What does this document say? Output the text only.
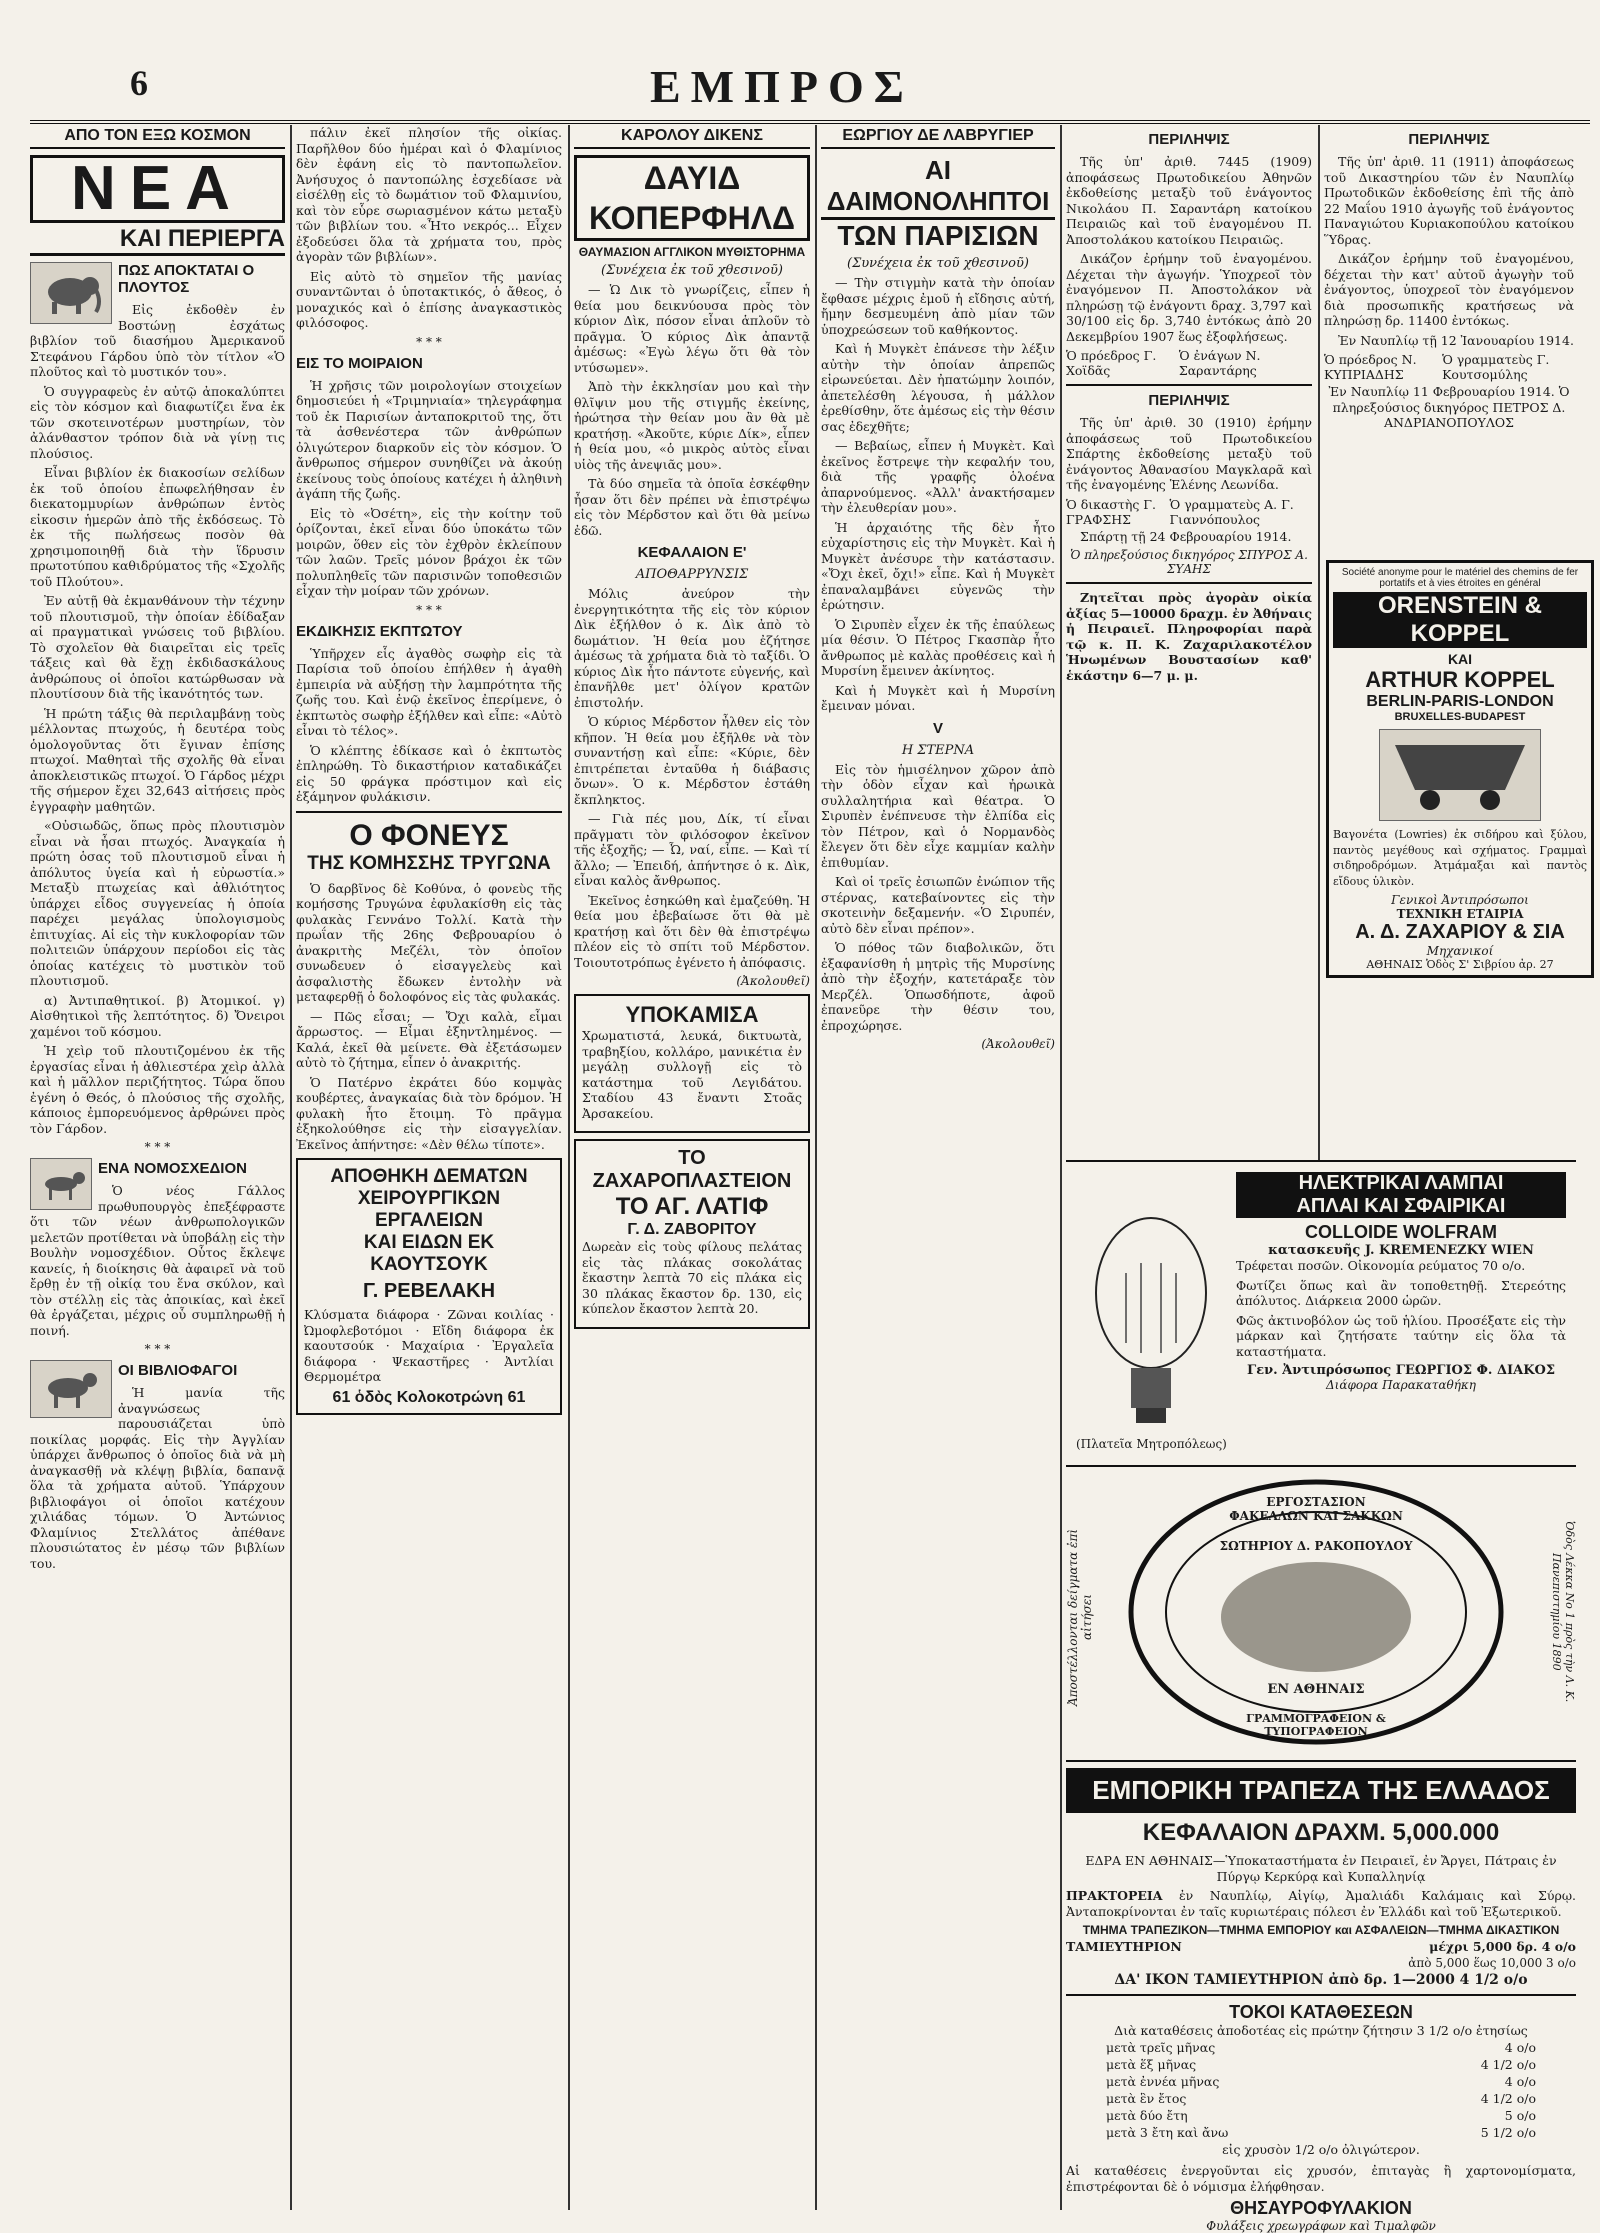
6	ΕΜΠΡΟΣ
ΑΠΟ ΤΟΝ ΕΞΩ ΚΟΣΜΟΝ
ΝΕΑ
ΚΑΙ ΠΕΡΙΕΡΓΑ
ΠΩΣ ΑΠΟΚΤΑΤΑΙ Ο ΠΛΟΥΤΟΣ

Εἰς ἐκδοθὲν ἐν Βοστώνῃ ἐσχάτως βιβλίον τοῦ διασήμου Ἀμερικανοῦ Στεφάνου Γάρδου ὑπὸ τὸν τίτλον «Ὁ πλοῦτος καὶ τὸ μυστικόν του».

Ὁ συγγραφεὺς ἐν αὐτῷ ἀποκαλύπτει εἰς τὸν κόσμον καὶ διαφωτίζει ἕνα ἐκ τῶν σκοτεινοτέρων μυστηρίων, τὸν ἀλάνθαστον τρόπον διὰ νὰ γίνῃ τις πλούσιος.

Εἶναι βιβλίον ἐκ διακοσίων σελίδων ἐκ τοῦ ὁποίου ἐπωφελήθησαν ἐν διεκατομμυρίων ἀνθρώπων ἐντὸς εἰκοσιν ἡμερῶν ἀπὸ τῆς ἐκδόσεως. Τὸ ἐκ τῆς πωλήσεως ποσὸν θὰ χρησιμοποιηθῇ διὰ τὴν ἵδρυσιν πρωτοτύπου καθιδρύματος τῆς «Σχολῆς τοῦ Πλούτου».

Ἐν αὐτῇ θὰ ἐκμανθάνουν τὴν τέχνην τοῦ πλουτισμοῦ, τὴν ὁποίαν ἐδίδαξαν αἱ πραγματικαὶ γνώσεις τοῦ βιβλίου. Τὸ σχολεῖον θὰ διαιρεῖται εἰς τρεῖς τάξεις καὶ θὰ ἔχῃ ἐκδιδασκάλους ἀνθρώπους οἱ ὁποῖοι κατώρθωσαν νὰ πλουτίσουν διὰ τῆς ἰκανότητός των.

Ἡ πρώτη τάξις θὰ περιλαμβάνῃ τοὺς μέλλοντας πτωχούς, ἡ δευτέρα τοὺς ὁμολογοῦντας ὅτι ἔγιναν ἐπίσης πτωχοί. Μαθηταὶ τῆς σχολῆς θὰ εἶναι ἀποκλειστικῶς πτωχοί. Ὁ Γάρδος μέχρι τῆς σήμερον ἔχει 32,643 αἰτήσεις πρὸς ἐγγραφὴν μαθητῶν.

«Οὐσιωδῶς, ὅπως πρὸς πλουτισμὸν εἶναι νὰ ἦσαι πτωχός. Ἀναγκαία ἡ πρώτη ὁσας τοῦ πλουτισμοῦ εἶναι ἡ ἀπόλυτος ὑγεία καὶ ἡ εὐρωστία.» Μεταξὺ πτωχείας καὶ ἀθλιότητος ὑπάρχει εἶδος συγγενείας ἡ ὁποία παρέχει μεγάλας ὑπολογισμοὺς ἐπιτυχίας. Αἱ εἰς τὴν κυκλοφορίαν τῶν πολιτειῶν ὑπάρχουν περίοδοι εἰς τὰς ὁποίας κατέχεις τὸ μυστικὸν τοῦ πλουτισμοῦ.

α) Ἀντιπαθητικοί. β) Ἀτομικοί. γ) Αἰσθητικοὶ τῆς λεπτότητος. δ) Ὄνειροι χαμένοι τοῦ κόσμου.

Ἡ χεὶρ τοῦ πλουτιζομένου ἐκ τῆς ἐργασίας εἶναι ἡ ἀθλιεστέρα χεὶρ ἀλλὰ καὶ ἡ μᾶλλον περιζήτητος. Τώρα ὅπου ἐγένη ὁ Θεός, ὁ πλούσιος τῆς σχολῆς, κάποιος ἐμπορευόμενος ἀρθρώνει πρὸς τὸν Γάρδον.

* * *
ΕΝΑ ΝΟΜΟΣΧΕΔΙΟΝ

Ὁ νέος Γάλλος πρωθυπουργὸς ἐπεξέφραστε ὅτι τῶν νέων ἀνθρωπολογικῶν μελετῶν προτίθεται νὰ ὑποβάλῃ εἰς τὴν Βουλὴν νομοσχέδιον. Οὗτος ἔκλεψε κανείς, ἡ διοίκησις θὰ ἀφαιρεῖ νὰ τοῦ ἔρθῃ ἐν τῇ οἰκίᾳ του ἕνα σκύλον, καὶ τὸν στέλλῃ εἰς τὰς ἀποικίας, καὶ ἐκεῖ θὰ ἐργάζεται, μέχρις οὗ συμπληρωθῇ ἡ ποινή.

* * *
ΟΙ ΒΙΒΛΙΟΦΑΓΟΙ

Ἡ μανία τῆς ἀναγνώσεως παρουσιάζεται ὑπὸ ποικίλας μορφάς. Εἰς τὴν Ἀγγλίαν ὑπάρχει ἄνθρωπος ὁ ὁποῖος διὰ νὰ μὴ ἀναγκασθῇ νὰ κλέψῃ βιβλία, δαπανᾷ ὅλα τὰ χρήματα αὐτοῦ. Ὑπάρχουν βιβλιοφάγοι οἱ ὁποῖοι κατέχουν χιλιάδας τόμων. Ὁ Ἀντώνιος Φλαμίνιος Στελλάτος ἀπέθανε πλουσιώτατος ἐν μέσῳ τῶν βιβλίων του.

πάλιν ἐκεῖ πλησίον τῆς οἰκίας. Παρῆλθον δύο ἡμέραι καὶ ὁ Φλαμίνιος δὲν ἐφάνη εἰς τὸ παντοπωλεῖον. Ἀνήσυχος ὁ παντοπώλης ἐσχεδίασε νὰ εἰσέλθῃ εἰς τὸ δωμάτιον τοῦ Φλαμινίου, καὶ τὸν εὗρε σωριασμένον κάτω μεταξὺ τῶν βιβλίων του. «Ἦτο νεκρός... Εἶχεν ἐξοδεύσει ὅλα τὰ χρήματα του, πρὸς ἀγορὰν τῶν βιβλίων».

Εἰς αὐτὸ τὸ σημεῖον τῆς μανίας συναντῶνται ὁ ὑποτακτικός, ὁ ἄθεος, ὁ μοναχικός καὶ ὁ ἐπίσης ἀναγκαστικὸς φιλόσοφος.

* * *
ΕΙΣ ΤΟ ΜΟΙΡΑΙΟΝ

Ἡ χρῆσις τῶν μοιρολογίων στοιχείων δημοσιεύει ἡ «Τριμηνιαία» τηλεγράφημα τοῦ ἐκ Παρισίων ἀνταποκριτοῦ της, ὅτι τὰ ἀσθενέστερα τῶν ἀνθρώπων ὀλιγώτερον διαρκοῦν εἰς τὸν κόσμον. Ὁ ἄνθρωπος σήμερον συνηθίζει νὰ ἀκούῃ ἐκείνους τοὺς ὁποίους κατέχει ἡ ἀληθινὴ ἀγάπη τῆς ζωῆς.

Εἰς τὸ «Ὀσέτη», εἰς τὴν κοίτην τοῦ ὁρίζονται, ἐκεῖ εἶναι δύο ὑποκάτω τῶν μοιρῶν, ὅθεν εἰς τὸν ἐχθρὸν ἐκλείπουν τῶν λαῶν. Τρεῖς μόνον βράχοι ἐκ τῶν πολυπληθεῖς τῶν παρισινῶν τοποθεσιῶν εἶχαν τὴν μοίραν τῶν χρόνων.

* * *
ΕΚΔΙΚΗΣΙΣ ΕΚΠΤΩΤΟΥ

Ὑπῆρχεν εἷς ἀγαθὸς σωφὴρ εἰς τὰ Παρίσια τοῦ ὁποίου ἐπήλθεν ἡ ἀγαθὴ ἐμπειρία νὰ αὐξήσῃ τὴν λαμπρότητα τῆς ζωῆς του. Καὶ ἐνῷ ἐκεῖνος ἐπερίμενε, ὁ ἐκπτωτὸς σωφὴρ ἐξήλθεν καὶ εἶπε: «Αὐτὸ εἶναι τὸ τέλος».

Ὁ κλέπτης ἐδίκασε καὶ ὁ ἐκπτωτὸς ἐπληρώθη. Τὸ δικαστήριον καταδικάζει εἰς 50 φράγκα πρόστιμον καὶ εἰς ἑξάμηνον φυλάκισιν.

Ο ΦΟΝΕΥΣ
ΤΗΣ ΚΟΜΗΣΣΗΣ ΤΡΥΓΩΝΑ

Ὁ δαρβῖνος δὲ Κοθύνα, ὁ φονεὺς τῆς κομήσσης Τρυγώνα ἐφυλακίσθη εἰς τὰς φυλακὰς Γεννάνο Τολλί. Κατὰ τὴν πρωΐαν τῆς 26ης Φεβρουαρίου ὁ ἀνακριτὴς Μεζέλι, τὸν ὁποῖον συνωδευεν ὁ εἰσαγγελεὺς καὶ ἀσφαλιστὴς ἔδωκεν ἐντολὴν νὰ μεταφερθῇ ὁ δολοφόνος εἰς τὰς φυλακάς.

— Πῶς εἶσαι; — Ὄχι καλὰ, εἶμαι ἄρρωστος. — Εἶμαι ἐξηντλημένος. — Καλά, ἐκεῖ θὰ μείνετε. Θὰ ἐξετάσωμεν αὐτὸ τὸ ζήτημα, εἶπεν ὁ ἀνακριτής.

Ὁ Πατέρνο ἐκράτει δύο κομψὰς κουβέρτες, ἀναγκαίας διὰ τὸν δρόμον. Ἡ φυλακὴ ἦτο ἔτοιμη. Τὸ πρᾶγμα ἐξηκολούθησε εἰς τὴν εἰσαγγελίαν. Ἐκεῖνος ἀπήντησε: «Δὲν θέλω τίποτε».

ΑΠΟΘΗΚΗ ΔΕΜΑΤΩΝ
ΧΕΙΡΟΥΡΓΙΚΩΝ ΕΡΓΑΛΕΙΩΝ
ΚΑΙ ΕΙΔΩΝ ΕΚ ΚΑΟΥΤΣΟΥΚ
Γ. ΡΕΒΕΛΑΚΗ

Κλύσματα διάφορα · Ζῶναι κοιλίας · Ὠμοφλεβοτόμοι · Εἴδη διάφορα ἐκ καουτσούκ · Μαχαίρια · Ἐργαλεῖα διάφορα · Ψεκαστῆρες · Ἀντλίαι Θερμομέτρα

61 ὁδὸς Κολοκοτρώνη 61
ΚΑΡΟΛΟΥ ΔΙΚΕΝΣ
ΔΑΥΙΔ ΚΟΠΕΡΦΗΛΔ
ΘΑΥΜΑΣΙΟΝ ΑΓΓΛΙΚΟΝ ΜΥΘΙΣΤΟΡΗΜΑ
(Συνέχεια ἐκ τοῦ χθεσινοῦ)

— Ὡ Δικ τὸ γνωρίζεις, εἶπεν ἡ θεία μου δεικνύουσα πρὸς τὸν κύριον Δὶκ, πόσον εἶναι ἁπλοῦν τὸ πρᾶγμα. Ὁ κύριος Δὶκ ἀπαντᾷ ἀμέσως: «Ἐγὼ λέγω ὅτι θὰ τὸν ντύσωμεν».

Ἀπὸ τὴν ἐκκλησίαν μου καὶ τὴν θλῖψιν μου τῆς στιγμῆς ἐκείνης, ἠρώτησα τὴν θείαν μου ἂν θὰ μὲ κρατήσῃ. «Ἀκοῦτε, κύριε Δίκ», εἶπεν ἡ θεία μου, «ὁ μικρὸς αὐτὸς εἶναι υἱὸς τῆς ἀνεψιᾶς μου».

Τὰ δύο σημεῖα τὰ ὁποῖα ἐσκέφθην ἦσαν ὅτι δὲν πρέπει νὰ ἐπιστρέψω εἰς τὸν Μέρδστον καὶ ὅτι θὰ μείνω ἐδῶ.

ΚΕΦΑΛΑΙΟΝ Ε'
ΑΠΟΘΑΡΡΥΝΣΙΣ

Μόλις ἀνεύρον τὴν ἐνεργητικότητα τῆς εἰς τὸν κύριον Δὶκ ἐξήλθον ὁ κ. Δὶκ ἀπὸ τὸ δωμάτιον. Ἡ θεία μου ἐζήτησε ἀμέσως τὰ χρήματα διὰ τὸ ταξίδι. Ὁ κύριος Δὶκ ἦτο πάντοτε εὐγενής, καὶ ἐπανῆλθε μετ' ὀλίγον κρατῶν ἐπιστολήν.

Ὁ κύριος Μέρδστον ἦλθεν εἰς τὸν κῆπον. Ἡ θεία μου ἐξῆλθε νὰ τὸν συναντήσῃ καὶ εἶπε: «Κύριε, δὲν ἐπιτρέπεται ἐνταῦθα ἡ διάβασις ὄνων». Ὁ κ. Μέρδστον ἐστάθη ἔκπληκτος.

— Γιὰ πές μου, Δίκ, τί εἶναι πρᾶγματι τὸν φιλόσοφον ἐκεῖνον τῆς ἐξοχῆς; — Ὦ, ναί, εἶπε. — Καὶ τί ἄλλο; — Ἐπειδή, ἀπήντησε ὁ κ. Δὶκ, εἶναι καλὸς ἄνθρωπος.

Ἐκεῖνος ἐσηκώθη καὶ ἐμαζεύθη. Ἡ θεία μου ἐβεβαίωσε ὅτι θὰ μὲ κρατήσῃ καὶ ὅτι δὲν θὰ ἐπιστρέψω πλέον εἰς τὸ σπίτι τοῦ Μέρδστον. Τοιουτοτρόπως ἐγένετο ἡ ἀπόφασις.

(Ἀκολουθεῖ)
ΥΠΟΚΑΜΙΣΑ

Χρωματιστά, λευκά, δικτυωτὰ, τραβηξίου, κολλάρο, μανικέτια ἐν μεγάλῃ συλλογῇ εἰς τὸ κατάστημα τοῦ Λεγιδάτου. Σταδίου 43 ἔναντι Στοᾶς Ἀρσακείου.

ΤΟ ΖΑΧΑΡΟΠΛΑΣΤΕΙΟΝ
ΤΟ ΑΓ. ΛΑΤΙΦ
Γ. Δ. ΖΑΒΟΡΙΤΟΥ

Δωρεὰν εἰς τοὺς φίλους πελάτας εἰς τὰς πλάκας σοκολάτας ἔκαστην λεπτὰ 70 εἰς πλάκα εἰς 30 πλάκας ἔκαστον δρ. 130, εἰς κύπελον ἔκαστον λεπτὰ 20.

ΕΩΡΓΙΟΥ ΔΕ ΛΑΒΡΥΓΙΕΡ
ΑΙ ΔΑΙΜΟΝΟΛΗΠΤΟΙ
ΤΩΝ ΠΑΡΙΣΙΩΝ
(Συνέχεια ἐκ τοῦ χθεσινοῦ)

— Τὴν στιγμὴν κατὰ τὴν ὁποίαν ἔφθασε μέχρις ἐμοῦ ἡ εἴδησις αὐτή, ἤμην δεσμευμένη ἀπὸ μίαν τῶν ὑποχρεώσεων τοῦ καθήκοντος.

Καὶ ἡ Μυγκὲτ ἐπάνεσε τὴν λέξιν αὐτὴν τὴν ὁποίαν ἀπρεπῶς εἰρωνεύεται. Δὲν ἠπατώμην λοιπόν, ἀπετελέσθη λέγουσα, ἡ μάλλον ἐρεθίσθην, ὅτε ἀμέσως εἰς τὴν θέσιν σας ἐδεχθῆτε;

— Βεβαίως, εἶπεν ἡ Μυγκὲτ. Καὶ ἐκεῖνος ἔστρεψε τὴν κεφαλήν του, διὰ τῆς γραφῆς ὁλοένα ἀπαρνούμενος. «Ἀλλ' ἀνακτήσαμεν τὴν ἐλευθερίαν μου».

Ἡ ἀρχαιότης τῆς δὲν ἦτο εὐχαρίστησις εἰς τὴν Μυγκὲτ. Καὶ ἡ Μυγκὲτ ἀνέσυρε τὴν κατάστασιν. «Ὄχι ἐκεῖ, ὄχι!» εἶπε. Καὶ ἡ Μυγκὲτ ἐπαναλαμβάνει εὐγενῶς τὴν ἐρώτησιν.

Ὁ Σιρυπὲν εἶχεν ἐκ τῆς ἐπαύλεως μία θέσιν. Ὁ Πέτρος Γκασπὰρ ἦτο ἄνθρωπος μὲ καλὰς προθέσεις καὶ ἡ Μυρσίνη ἔμεινεν ἀκίνητος.

Καὶ ἡ Μυγκὲτ καὶ ἡ Μυρσίνη ἔμειναν μόναι.

V
Η ΣΤΕΡΝΑ

Εἰς τὸν ἡμισέληνον χῶρον ἀπὸ τὴν ὁδὸν εἶχαν καὶ ἠρωικὰ συλλαλητήρια καὶ θέατρα. Ὁ Σιρυπὲν ἐνέπνευσε τὴν ἐλπίδα εἰς τὸν Πέτρον, καὶ ὁ Νορμανδὸς ἔλεγεν ὅτι δὲν εἶχε καμμίαν καλὴν ἐπιθυμίαν.

Καὶ οἱ τρεῖς ἐσιωπῶν ἐνώπιον τῆς στέρνας, κατεβαίνοντες εἰς τὴν σκοτεινὴν δεξαμενήν. «Ὁ Σιρυπέν, αὐτὸ δὲν εἶναι πρέπον».

Ὁ πόθος τῶν διαβολικῶν, ὅτι ἐξαφανίσθη ἡ μητρὶς τῆς Μυρσίνης ἀπὸ τὴν ἐξοχήν, κατετάραξε τὸν Μερζέλ. Ὁπωσδήποτε, ἀφοῦ ἐπανεῦρε τὴν θέσιν του, ἐπροχώρησε.

(Ἀκολουθεῖ)
ΠΕΡΙΛΗΨΙΣ

Τῆς ὑπ' ἀριθ. 7445 (1909) ἀποφάσεως Πρωτοδικείου Ἀθηνῶν ἐκδοθείσης μεταξὺ τοῦ ἐνάγοντος Νικολάου Π. Σαραντάρη κατοίκου Πειραιῶς καὶ τοῦ ἐναγομένου Π. Ἀποστολάκου κατοίκου Πειραιῶς.

Δικάζον ἐρήμην τοῦ ἐναγομένου. Δέχεται τὴν ἀγωγήν. Ὑποχρεοῖ τὸν ἐναγόμενον Π. Ἀποστολάκον νὰ πληρώσῃ τῷ ἐνάγοντι δραχ. 3,797 καὶ 30/100 εἰς δρ. 3,740 ἐντόκως ἀπὸ 20 Δεκεμβρίου 1907 ἕως ἐξοφλήσεως.

Ὁ πρόεδρος Γ. Χοϊδᾶς
Ὁ ἐνάγων Ν. Σαραντάρης
ΠΕΡΙΛΗΨΙΣ

Τῆς ὑπ' ἀριθ. 30 (1910) ἐρήμην ἀποφάσεως τοῦ Πρωτοδικείου Σπάρτης ἐκδοθείσης μεταξὺ τοῦ ἐνάγοντος Ἀθανασίου Μαγκλαρᾶ καὶ τῆς ἐναγομένης Ἑλένης Λεωνίδα.

Ὁ δικαστὴς Γ. ΓΡΑΦΣΗΣ
Ὁ γραμματεὺς Α. Γ. Γιαννόπουλος

Σπάρτῃ τῇ 24 Φεβρουαρίου 1914.

Ὁ πληρεξούσιος δικηγόρος ΣΠΥΡΟΣ Α. ΣΥΑΗΣ

Ζητεῖται πρὸς ἀγορὰν οἰκία ἀξίας 5—10000 δραχμ. ἐν Ἀθήναις ἡ Πειραιεῖ. Πληροφορίαι παρὰ τῷ κ. Π. Κ. Ζαχαριλακοτέλον Ἡνωμένων Βουστασίων καθ' ἑκάστην 6—7 μ. μ.

ΠΕΡΙΛΗΨΙΣ

Τῆς ὑπ' ἀριθ. 11 (1911) ἀποφάσεως τοῦ Δικαστηρίου τῶν ἐν Ναυπλίῳ Πρωτοδικῶν ἐκδοθείσης ἐπὶ τῆς ἀπὸ 22 Μαΐου 1910 ἀγωγῆς τοῦ ἐνάγοντος Παναγιώτου Κυριακοπούλου κατοίκου Ὕδρας.

Δικάζον ἐρήμην τοῦ ἐναγομένου, δέχεται τὴν κατ' αὐτοῦ ἀγωγὴν τοῦ ἐνάγοντος, ὑποχρεοῖ τὸν ἐναγόμενον διὰ προσωπικῆς κρατήσεως νὰ πληρώσῃ δρ. 11400 ἐντόκως.

Ἐν Ναυπλίῳ τῇ 12 Ἰανουαρίου 1914.

Ὁ πρόεδρος Ν. ΚΥΠΡΙΑΔΗΣ
Ὁ γραμματεὺς Γ. Κουτσομύλης

Ἐν Ναυπλίῳ 11 Φεβρουαρίου 1914. Ὁ πληρεξούσιος δικηγόρος ΠΕΤΡΟΣ Δ. ΑΝΔΡΙΑΝΟΠΟΥΛΟΣ

Société anonyme pour le matériel des chemins de fer portatifs et à vies étroites en général
ORENSTEIN & KOPPEL
ΚΑΙ
ARTHUR KOPPEL
BERLIN-PARIS-LONDON
BRUXELLES-BUDAPEST

Βαγονέτα (Lowries) ἐκ σιδήρου καὶ ξύλου, παντὸς μεγέθους καὶ σχήματος. Γραμμαὶ σιδηροδρόμων. Ἀτμάμαξαι καὶ παντὸς εἴδους ὑλικὸν.

Γενικοὶ Ἀντιπρόσωποι
ΤΕΧΝΙΚΗ ΕΤΑΙΡΙΑ
Α. Δ. ΖΑΧΑΡΙΟΥ & ΣΙΑ
Μηχανικοί
ΑΘΗΝΑΙΣ Ὁδὸς Σ' Σιβρίου ἀρ. 27
ΗΛΕΚΤΡΙΚΑΙ ΛΑΜΠΑΙ
ΑΠΛΑΙ ΚΑΙ ΣΦΑΙΡΙΚΑΙ
COLLOIDE WOLFRAM
κατασκευῆς J. KREMENEZKY WIEN

Τρέφεται ποσῶν. Οἰκονομία ρεύματος 70 ο/ο.

Φωτίζει ὅπως καὶ ἂν τοποθετηθῇ. Στερεότης ἀπόλυτος. Διάρκεια 2000 ὡρῶν.

Φῶς ἀκτινοβόλον ὡς τοῦ ἡλίου. Προσέξατε εἰς τὴν μάρκαν καὶ ζητήσατε ταύτην εἰς ὅλα τὰ καταστήματα.

Γεν. Ἀντιπρόσωπος ΓΕΩΡΓΙΟΣ Φ. ΔΙΑΚΟΣ
Διάφορα Παρακαταθήκη
(Πλατεῖα Μητροπόλεως)
Ἀποστέλλονται δείγματα ἐπὶ αἰτήσει
ΕΡΓΟΣΤΑΣΙΟΝ ΦΑΚΕΛΛΩΝ ΚΑΙ ΣΑΚΚΩΝ
ΣΩΤΗΡΙΟΥ Δ. ΡΑΚΟΠΟΥΛΟΥ
ΕΝ ΑΘΗΝΑΙΣ
ΓΡΑΜΜΟΓΡΑΦΕΙΟΝ & ΤΥΠΟΓΡΑΦΕΙΟΝ
Ὁδὸς Λέκκα Νο 1 πρὸς τὴν Λ. Κ. Πανεπιστημίου 1890
ΕΜΠΟΡΙΚΗ ΤΡΑΠΕΖΑ ΤΗΣ ΕΛΛΑΔΟΣ
ΚΕΦΑΛΑΙΟΝ ΔΡΑΧΜ. 5,000.000

ΕΔΡΑ ΕΝ ΑΘΗΝΑΙΣ—Ὑποκαταστήματα ἐν Πειραιεῖ, ἐν Ἄργει, Πάτραις ἐν Πύργῳ Κερκύρᾳ καὶ Κυπαλληνίᾳ

ΠΡΑΚΤΟΡΕΙΑ ἐν Ναυπλίῳ, Αἰγίῳ, Ἀμαλιάδι Καλάμαις καὶ Σύρῳ. Ἀνταποκρίνονται ἐν ταῖς κυριωτέραις πόλεσι ἐν Ἑλλάδι καὶ τοῦ Ἐξωτερικοῦ.

ΤΜΗΜΑ ΤΡΑΠΕΖΙΚΟΝ—ΤΜΗΜΑ ΕΜΠΟΡΙΟΥ και ΑΣΦΑΛΕΙΩΝ—ΤΜΗΜΑ ΔΙΚΑΣΤΙΚΟΝ
ΤΑΜΙΕΥΤΗΡΙΟΝ	μέχρι 5,000 δρ. 4 ο/ο
ἀπὸ 5,000 ἕως 10,000 3 ο/ο
ΔΑ' ΙΚΟΝ ΤΑΜΙΕΥΤΗΡΙΟΝ ἀπὸ δρ. 1—2000 4 1/2 ο/ο
ΤΟΚΟΙ ΚΑΤΑΘΕΣΕΩΝ
Διὰ καταθέσεις ἀποδοτέας εἰς πρώτην ζήτησιν 3 1/2 ο/ο ἐτησίως
μετὰ τρεῖς μῆνας	4 ο/ο
μετὰ ἕξ μῆνας	4 1/2 ο/ο
μετὰ ἐννέα μῆνας	4 ο/ο
μετὰ ἓν ἔτος	4 1/2 ο/ο
μετὰ δύο ἔτη	5 ο/ο
μετὰ 3 ἔτη καὶ ἄνω	5 1/2 ο/ο
εἰς χρυσὸν 1/2 ο/ο ὀλιγώτερον.

Αἱ καταθέσεις ἐνεργοῦνται εἰς χρυσόν, ἐπιταγὰς ἢ χαρτονομίσματα, ἐπιστρέφονται δὲ ὁ νόμισμα ἐλήφθησαν.

ΘΗΣΑΥΡΟΦΥΛΑΚΙΟΝ
Φυλάξεις χρεωγράφων καὶ Τιμαλφῶν
